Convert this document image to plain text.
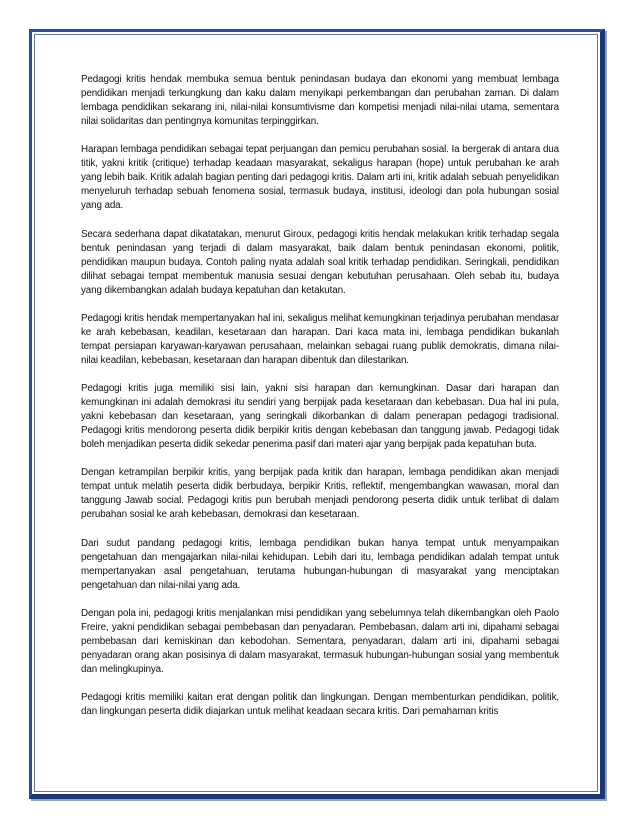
Pedagogi kritis hendak membuka semua bentuk penindasan budaya dan ekonomi yang membuat lembaga pendidikan menjadi terkungkung dan kaku dalam menyikapi perkembangan dan perubahan zaman. Di dalam lembaga pendidikan sekarang ini, nilai-nilai konsumtivisme dan kompetisi menjadi nilai-nilai utama, sementara nilai solidaritas dan pentingnya komunitas terpinggirkan.

Harapan lembaga pendidikan sebagai tepat perjuangan dan pemicu perubahan sosial. Ia bergerak di antara dua titik, yakni kritik (critique) terhadap keadaan masyarakat, sekaligus harapan (hope) untuk perubahan ke arah yang lebih baik. Kritik adalah bagian penting dari pedagogi kritis. Dalam arti ini, kritik adalah sebuah penyelidikan menyeluruh terhadap sebuah fenomena sosial, termasuk budaya, institusi, ideologi dan pola hubungan sosial yang ada.

Secara sederhana dapat dikatatakan, menurut Giroux, pedagogi kritis hendak melakukan kritik terhadap segala bentuk penindasan yang terjadi di dalam masyarakat, baik dalam bentuk penindasan ekonomi, politik, pendidikan maupun budaya. Contoh paling nyata adalah soal kritik terhadap pendidikan. Seringkali, pendidikan dilihat sebagai tempat membentuk manusia sesuai dengan kebutuhan perusahaan. Oleh sebab itu, budaya yang dikembangkan adalah budaya kepatuhan dan ketakutan.

Pedagogi kritis hendak mempertanyakan hal ini, sekaligus melihat kemungkinan terjadinya perubahan mendasar ke arah kebebasan, keadilan, kesetaraan dan harapan. Dari kaca mata ini, lembaga pendidikan bukanlah tempat persiapan karyawan-karyawan perusahaan, melainkan sebagai ruang publik demokratis, dimana nilai-nilai keadilan, kebebasan, kesetaraan dan harapan dibentuk dan dilestarikan.

Pedagogi kritis juga memiliki sisi lain, yakni sisi harapan dan kemungkinan. Dasar dari harapan dan kemungkinan ini adalah demokrasi itu sendiri yang berpijak pada kesetaraan dan kebebasan. Dua hal ini pula, yakni kebebasan dan kesetaraan, yang seringkali dikorbankan di dalam penerapan pedagogi tradisional. Pedagogi kritis mendorong peserta didik berpikir kritis dengan kebebasan dan tanggung jawab. Pedagogi tidak boleh menjadikan peserta didik sekedar penerima pasif dari materi ajar yang berpijak pada kepatuhan buta.

Dengan ketrampilan berpikir kritis, yang berpijak pada kritik dan harapan, lembaga pendidikan akan menjadi tempat untuk melatih peserta didik berbudaya, berpikir Kritis, reflektif, mengembangkan wawasan, moral dan tanggung Jawab social. Pedagogi kritis pun berubah menjadi pendorong peserta didik untuk terlibat di dalam perubahan sosial ke arah kebebasan, demokrasi dan kesetaraan.

Dari sudut pandang pedagogi kritis, lembaga pendidikan bukan hanya tempat untuk menyampaikan pengetahuan dan mengajarkan nilai-nilai kehidupan. Lebih dari itu, lembaga pendidikan adalah tempat untuk mempertanyakan asal pengetahuan, terutama hubungan-hubungan di masyarakat yang menciptakan pengetahuan dan nilai-nilai yang ada.

Dengan pola ini, pedagogi kritis menjalankan misi pendidikan yang sebelumnya telah dikembangkan oleh Paolo Freire, yakni pendidikan sebagai pembebasan dan penyadaran. Pembebasan, dalam arti ini, dipahami sebagai pembebasan dari kemiskinan dan kebodohan. Sementara, penyadaran, dalam arti ini, dipahami sebagai penyadaran orang akan posisinya di dalam masyarakat, termasuk hubungan-hubungan sosial yang membentuk dan melingkupinya.

Pedagogi kritis memiliki kaitan erat dengan politik dan lingkungan. Dengan membenturkan pendidikan, politik, dan lingkungan peserta didik diajarkan untuk melihat keadaan secara kritis. Dari pemahaman kritis
